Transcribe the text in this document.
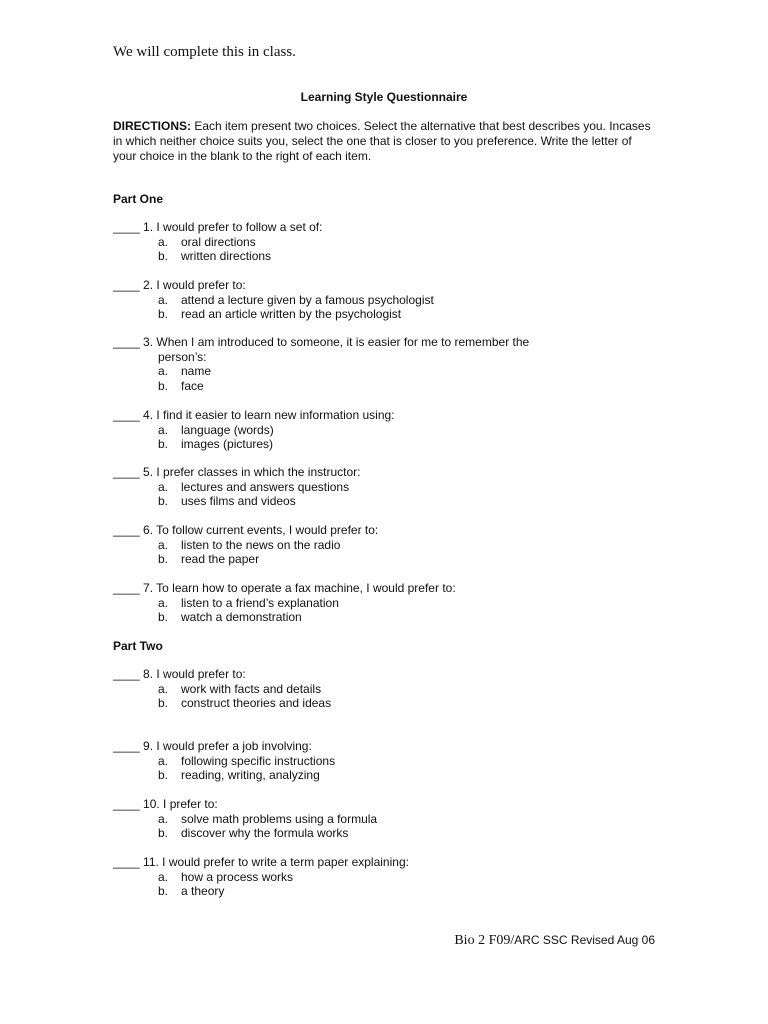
We will complete this in class.
Learning Style Questionnaire
DIRECTIONS: Each item present two choices. Select the alternative that best describes you. Incases in which neither choice suits you, select the one that is closer to you preference. Write the letter of your choice in the blank to the right of each item.
Part One
____ 1. I would prefer to follow a set of:
a. oral directions
b. written directions
____ 2. I would prefer to:
a. attend a lecture given by a famous psychologist
b. read an article written by the psychologist
____ 3. When I am introduced to someone, it is easier for me to remember the
person’s:
a. name
b. face
____ 4. I find it easier to learn new information using:
a. language (words)
b. images (pictures)
____ 5. I prefer classes in which the instructor:
a. lectures and answers questions
b. uses films and videos
____ 6. To follow current events, I would prefer to:
a. listen to the news on the radio
b. read the paper
____ 7. To learn how to operate a fax machine, I would prefer to:
a. listen to a friend’s explanation
b. watch a demonstration
Part Two
____ 8. I would prefer to:
a. work with facts and details
b. construct theories and ideas
____ 9. I would prefer a job involving:
a. following specific instructions
b. reading, writing, analyzing
____ 10. I prefer to:
a. solve math problems using a formula
b. discover why the formula works
____ 11. I would prefer to write a term paper explaining:
a. how a process works
b. a theory
Bio 2 F09/ARC SSC Revised Aug 06
